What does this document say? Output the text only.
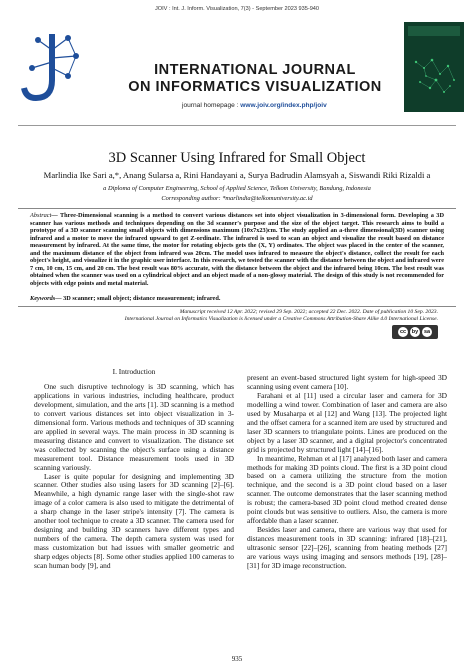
JOIV : Int. J. Inform. Visualization, 7(3) - September 2023 935-940
INTERNATIONAL JOURNAL
ON INFORMATICS VISUALIZATION
journal homepage : www.joiv.org/index.php/joiv
3D Scanner Using Infrared for Small Object
Marlindia Ike Sari a,*, Anang Sularsa a, Rini Handayani a, Surya Badrudin Alamsyah a, Siswandi Riki Rizaldi a
a Diploma of Computer Engineering, School of Applied Science, Telkom University, Bandung, Indonesia
Corresponding author: *marlindia@telkomuniversity.ac.id
Abstract— Three-Dimensional scanning is a method to convert various distances set into object visualization in 3-dimensional form. Developing a 3D scanner has various methods and techniques depending on the 3d scanner's purpose and the size of the object target. This research aims to build a prototype of a 3D scanner scanning small objects with dimensions maximum (10x7x23)cm. The study applied an a-three dimensional(3D) scanner using infrared and a motor to move the infrared upward to get Z-ordinate. The infrared is used to scan an object and visualize the result based on distance measurement by infrared. At the same time, the motor for rotating objects gets the (X, Y) ordinates. The object was placed in the center of the scanner, and the maximum distance of the object from infrared was 20cm. The model uses infrared to measure the object's distance, collect the result for each object's height, and visualize it in the graphic user interface. In this research, we tested the scanner with the distance between the object and infrared were 7 cm, 10 cm, 15 cm, and 20 cm. The best result was 80% accurate, with the distance between the object and the infrared being 10cm. The best result was obtained when the scanner was used on a cylindrical object and an object made of a non-glossy material. The design of this study is not recommended for objects with edge points and metal material.
Keywords— 3D scanner; small object; distance measurement; infrared.
Manuscript received 12 Apr. 2022; revised 29 Sep. 2022; accepted 22 Dec. 2022. Date of publication 10 Sep. 2023.
International Journal on Informatics Visualization is licensed under a Creative Commons Attribution-Share Alike 4.0 International License.
cc	by	sa
I. Introduction

One such disruptive technology is 3D scanning, which has applications in various industries, including healthcare, product development, simulation, and the arts [1]. 3D scanning is a method to convert various distances set into object visualization in 3-dimensional form. Various methods and techniques of 3D scanning are applied in several ways. The main process in 3D scanning is measuring distance and convert to visualization. The distance set was collected by scanning the object's surface using a distance measurement tool. Distance measurement tools used in 3D scanning variously.

Laser is quite popular for designing and implementing 3D scanner. Other studies also using lasers for 3D scanning [2]–[6]. Meanwhile, a high dynamic range laser with the single-shot raw image of a color camera is also used to mitigate the detrimental of a sharp change in the laser stripe's intensity [7]. The camera is another tool technique to create a 3D scanner. The camera used for designing and building 3D scanners have different types and numbers of the camera. The depth camera system was used for mass customization but had issues with smaller geometric and sharp edges objects [8]. Some other studies applied 100 cameras to scan human body [9], and

present an event-based structured light system for high-speed 3D scanning using event camera [10].

Farahani et al [11] used a circular laser and camera for 3D modelling a wind tower. Combination of laser and camera are also used by Musaharpa et al [12] and Wang [13]. The projected light and the offset camera for a scanned item are used by structured and laser 3D scanners to triangulate points. Lines are produced on the object by a laser 3D scanner, and a digital projector's concentrated grid is projected by structured light [14]–[16].

In meantime, Rehman et al [17] analyzed both laser and camera methods for making 3D points cloud. The first is a 3D point cloud based on a camera utilizing the structure from the motion technique, and the second is a 3D point cloud based on a laser scanner. The outcome demonstrates that the laser scanning method is robust; the camera-based 3D point cloud method created dense point clouds but was sensitive to outliers. Also, the camera is more affordable than a laser scanner.

Besides laser and camera, there are various way that used for distances measurement tools in 3D scanning: infrared [18]–[21], ultrasonic sensor [22]–[26], scanning from heating methods [27] are various ways using imaging and sensors methods [19], [28]–[31] for 3D image reconstruction.

935
